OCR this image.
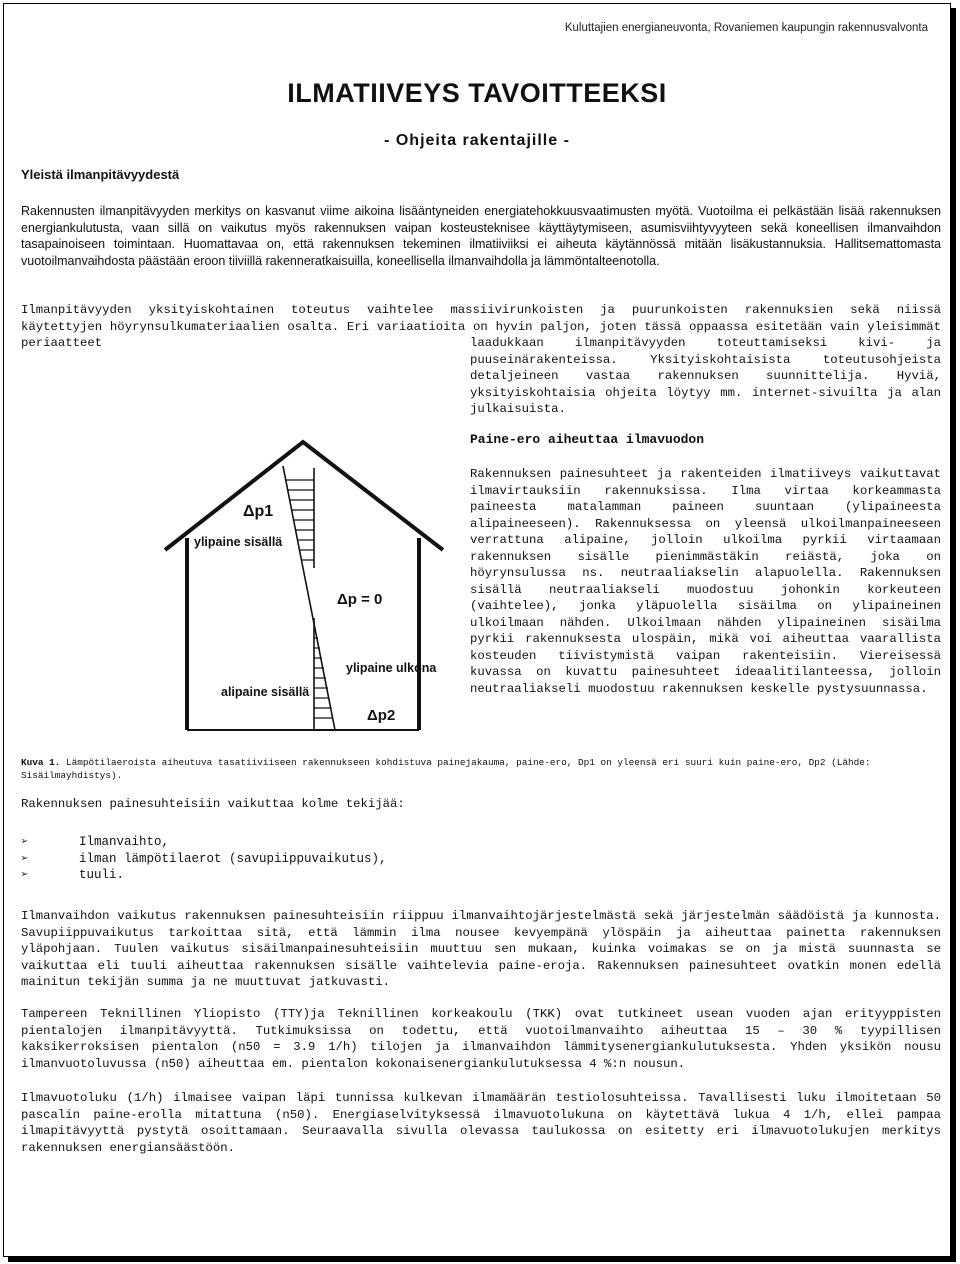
Kuluttajien energianeuvonta, Rovaniemen kaupungin rakennusvalvonta
ILMATIIVEYS TAVOITTEEKSI
- Ohjeita rakentajille -
Yleistä ilmanpitävyydestä

Rakennusten ilmanpitävyyden merkitys on kasvanut viime aikoina lisääntyneiden energiatehokkuusvaatimusten myötä. Vuotoilma ei pelkästään lisää rakennuksen energiankulutusta, vaan sillä on vaikutus myös rakennuksen vaipan kosteusteknisee käyttäytymiseen, asumisviihtyvyyteen sekä koneellisen ilmanvaihdon tasapainoiseen toimintaan. Huomattavaa on, että rakennuksen tekeminen ilmatiiviiksi ei aiheuta käytännössä mitään lisäkustannuksia. Hallitsemattomasta vuotoilmanvaihdosta päästään eroon tiiviillä rakenneratkaisuilla, koneellisella ilmanvaihdolla ja lämmöntalteenotolla.

Ilmanpitävyyden yksityiskohtainen toteutus vaihtelee massiivirunkoisten ja puurunkoisten rakennuksien sekä niissä käytettyjen höyrynsulkumateriaalien osalta. Eri variaatioita on hyvin paljon, joten tässä oppaassa esitetään vain yleisimmät periaatteet	laadukkaan ilmanpitävyyden toteuttamiseksi kivi- ja puuseinärakenteissa. Yksityiskohtaisista toteutusohjeista detaljeineen vastaa rakennuksen suunnittelija. Hyviä, yksityiskohtaisia ohjeita löytyy mm. internet-sivuilta ja alan julkaisuista.

Paine-ero aiheuttaa ilmavuodon

Rakennuksen painesuhteet ja rakenteiden ilmatiiveys vaikuttavat ilmavirtauksiin rakennuksissa. Ilma virtaa korkeammasta paineesta matalamman paineen suuntaan (ylipaineesta alipaineeseen). Rakennuksessa on yleensä ulkoilmanpaineeseen verrattuna alipaine, jolloin ulkoilma pyrkii virtaamaan rakennuksen sisälle pienimmästäkin reiästä, joka on höyrynsulussa ns. neutraaliakselin alapuolella. Rakennuksen sisällä neutraaliakseli muodostuu johonkin korkeuteen (vaihtelee), jonka yläpuolella sisäilma on ylipaineinen ulkoilmaan nähden. Ulkoilmaan nähden ylipaineinen sisäilma pyrkii rakennuksesta ulospäin, mikä voi aiheuttaa vaarallista kosteuden tiivistymistä vaipan rakenteisiin. Viereisessä kuvassa on kuvattu painesuhteet ideaalitilanteessa, jolloin neutraaliakseli muodostuu rakennuksen keskelle pystysuunnassa.

Δp1
ylipaine sisällä
Δp = 0
ylipaine ulkona
alipaine sisällä
Δp2
Kuva 1. Lämpötilaeroista aiheutuva tasatiiviiseen rakennukseen kohdistuva painejakauma, paine-ero, Dp1 on yleensä eri suuri kuin paine-ero, Dp2 (Lähde: Sisäilmayhdistys).

Rakennuksen painesuhteisiin vaikuttaa kolme tekijää:

➢	Ilmanvaihto,
➢	ilman lämpötilaerot (savupiippuvaikutus),
➢	tuuli.

Ilmanvaihdon vaikutus rakennuksen painesuhteisiin riippuu ilmanvaihtojärjestelmästä sekä järjestelmän säädöistä ja kunnosta. Savupiippuvaikutus tarkoittaa sitä, että lämmin ilma nousee kevyempänä ylöspäin ja aiheuttaa painetta rakennuksen yläpohjaan. Tuulen vaikutus sisäilmanpainesuhteisiin muuttuu sen mukaan, kuinka voimakas se on ja mistä suunnasta se vaikuttaa eli tuuli aiheuttaa rakennuksen sisälle vaihtelevia paine-eroja. Rakennuksen painesuhteet ovatkin monen edellä mainitun tekijän summa ja ne muuttuvat jatkuvasti.

Tampereen Teknillinen Yliopisto (TTY)ja Teknillinen korkeakoulu (TKK) ovat tutkineet usean vuoden ajan erityyppisten pientalojen ilmanpitävyyttä. Tutkimuksissa on todettu, että vuotoilmanvaihto aiheuttaa 15 – 30 % tyypillisen kaksikerroksisen pientalon (n50 = 3.9 1/h) tilojen ja ilmanvaihdon lämmitysenergiankulutuksesta. Yhden yksikön nousu ilmanvuotoluvussa (n50) aiheuttaa em. pientalon kokonaisenergiankulutuksessa 4 %:n nousun.

Ilmavuotoluku (1/h) ilmaisee vaipan läpi tunnissa kulkevan ilmamäärän testiolosuhteissa. Tavallisesti luku ilmoitetaan 50 pascalin paine-erolla mitattuna (n50). Energiaselvityksessä ilmavuotolukuna on käytettävä lukua 4 1/h, ellei pampaa ilmapitävyyttä pystytä osoittamaan. Seuraavalla sivulla olevassa taulukossa on esitetty eri ilmavuotolukujen merkitys rakennuksen energiansäästöön.
